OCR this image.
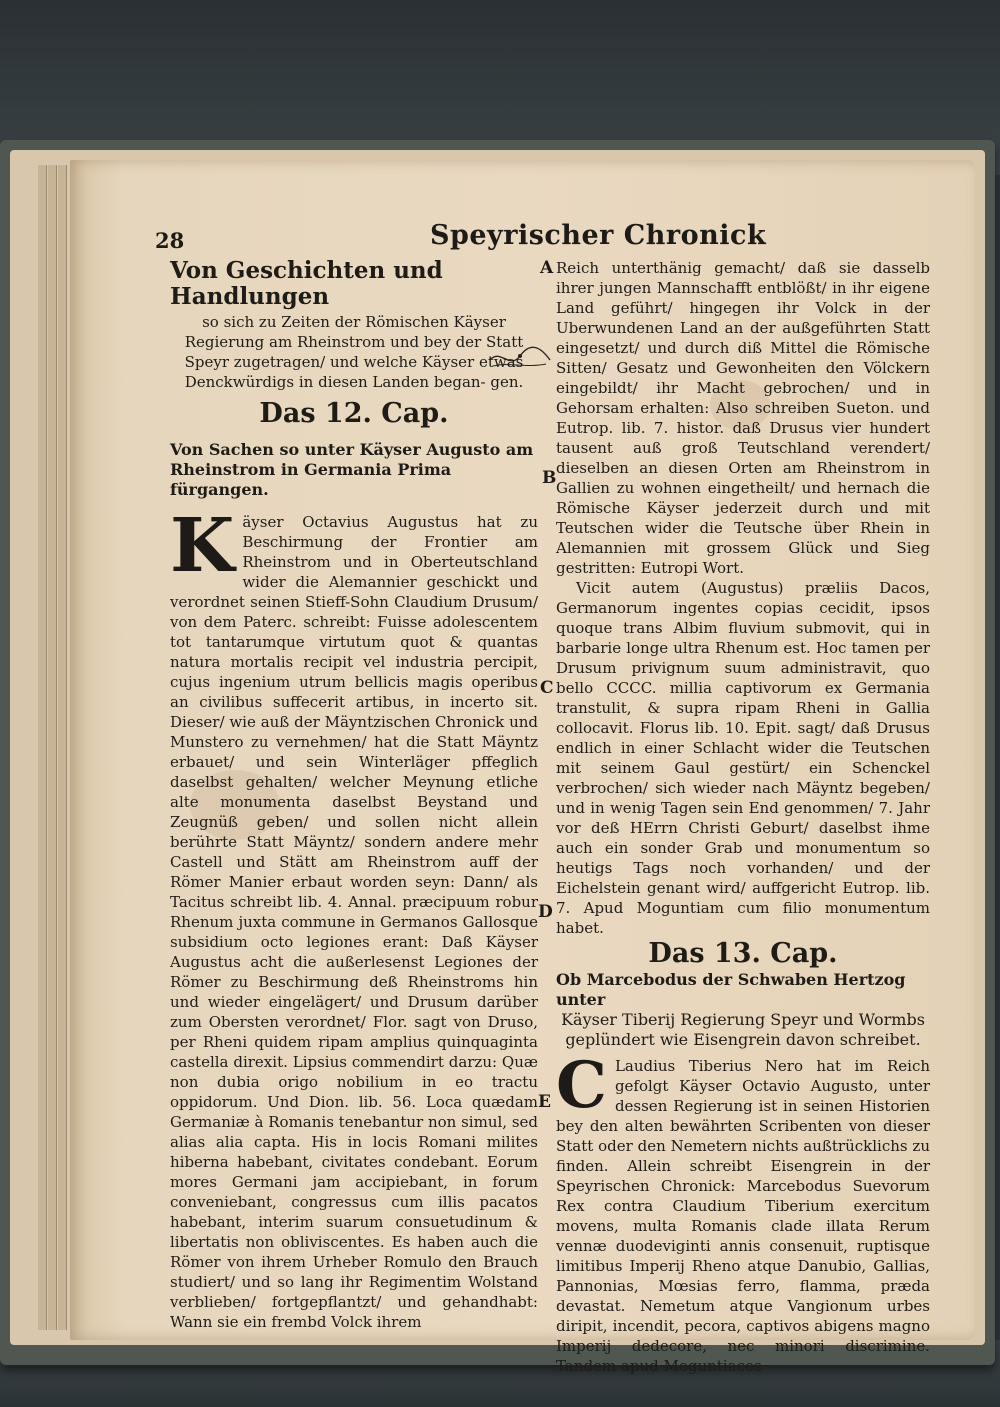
28	Speyrischer Chronick
A
B
C
D
E
Von Geschichten und Handlungen
so sich zu Zeiten der Römischen Käyser Regierung am Rheinstrom und bey der Statt Speyr zugetragen/ und welche Käyser etwas Denckwürdigs in diesen Landen began- gen.
Das 12. Cap.
Von Sachen so unter Käyser Augusto am Rheinstrom in Germania Prima fürgangen.

Käyser Octavius Augustus hat zu Beschirmung der Frontier am Rheinstrom und in Oberteutschland wider die Alemannier geschickt und verordnet seinen Stieff-Sohn Claudium Drusum/ von dem Paterc. schreibt: Fuisse adolescentem tot tantarumque virtutum quot & quantas natura mortalis recipit vel industria percipit, cujus ingenium utrum bellicis magis operibus an civilibus suffecerit artibus, in incerto sit. Dieser/ wie auß der Mäyntzischen Chronick und Munstero zu vernehmen/ hat die Statt Mäyntz erbauet/ und sein Winterläger pffeglich daselbst gehalten/ welcher Meynung etliche alte monumenta daselbst Beystand und Zeugnüß geben/ und sollen nicht allein berührte Statt Mäyntz/ sondern andere mehr Castell und Stätt am Rheinstrom auff der Römer Manier erbaut worden seyn: Dann/ als Tacitus schreibt lib. 4. Annal. præcipuum robur Rhenum juxta commune in Germanos Gallosque subsidium octo legiones erant: Daß Käyser Augustus acht die außerlesenst Legiones der Römer zu Beschirmung deß Rheinstroms hin und wieder eingelägert/ und Drusum darüber zum Obersten verordnet/ Flor. sagt von Druso, per Rheni quidem ripam amplius quinquaginta castella direxit. Lipsius commendirt darzu: Quæ non dubia origo nobilium in eo tractu oppidorum. Und Dion. lib. 56. Loca quædam Germaniæ à Romanis tenebantur non simul, sed alias alia capta. His in locis Romani milites hiberna habebant, civitates condebant. Eorum mores Germani jam accipiebant, in forum conveniebant, congressus cum illis pacatos habebant, interim suarum consuetudinum & libertatis non obliviscentes. Es haben auch die Römer von ihrem Urheber Romulo den Brauch studiert/ und so lang ihr Regimentim Wolstand verblieben/ fortgepflantzt/ und gehandhabt: Wann sie ein frembd Volck ihrem

Reich unterthänig gemacht/ daß sie dasselb ihrer jungen Mannschafft entblößt/ in ihr eigene Land geführt/ hingegen ihr Volck in der Uberwundenen Land an der außgeführten Statt eingesetzt/ und durch diß Mittel die Römische Sitten/ Gesatz und Gewonheiten den Völckern eingebildt/ ihr Macht gebrochen/ und in Gehorsam erhalten: Also schreiben Sueton. und Eutrop. lib. 7. histor. daß Drusus vier hundert tausent auß groß Teutschland verendert/ dieselben an diesen Orten am Rheinstrom in Gallien zu wohnen eingetheilt/ und hernach die Römische Käyser jederzeit durch und mit Teutschen wider die Teutsche über Rhein in Alemannien mit grossem Glück und Sieg gestritten: Eutropi Wort.

Vicit autem (Augustus) præliis Dacos, Germanorum ingentes copias cecidit, ipsos quoque trans Albim fluvium submovit, qui in barbarie longe ultra Rhenum est. Hoc tamen per Drusum privignum suum administravit, quo bello CCCC. millia captivorum ex Germania transtulit, & supra ripam Rheni in Gallia collocavit. Florus lib. 10. Epit. sagt/ daß Drusus endlich in einer Schlacht wider die Teutschen mit seinem Gaul gestürt/ ein Schenckel verbrochen/ sich wieder nach Mäyntz begeben/ und in wenig Tagen sein End genommen/ 7. Jahr vor deß HErrn Christi Geburt/ daselbst ihme auch ein sonder Grab und monumentum so heutigs Tags noch vorhanden/ und der Eichelstein genant wird/ auffgericht Eutrop. lib. 7. Apud Moguntiam cum filio monumentum habet.

Das 13. Cap.
Ob Marcebodus der Schwaben Hertzog unter
Käyser Tiberij Regierung Speyr und Wormbs geplündert wie Eisengrein davon schreibet.

C Laudius Tiberius Nero hat im Reich gefolgt Käyser Octavio Augusto, unter dessen Regierung ist in seinen Historien bey den alten bewährten Scribenten von dieser Statt oder den Nemetern nichts außtrücklichs zu finden. Allein schreibt Eisengrein in der Speyrischen Chronick: Marcebodus Suevorum Rex contra Claudium Tiberium exercitum movens, multa Romanis clade illata Rerum vennæ duodeviginti annis consenuit, ruptisque limitibus Imperij Rheno atque Danubio, Gallias, Pannonias, Mœsias ferro, flamma, præda devastat. Nemetum atque Vangionum urbes diripit, incendit, pecora, captivos abigens magno Imperij dedecore, nec minori discrimine. Tandem apud Moguntiacos
